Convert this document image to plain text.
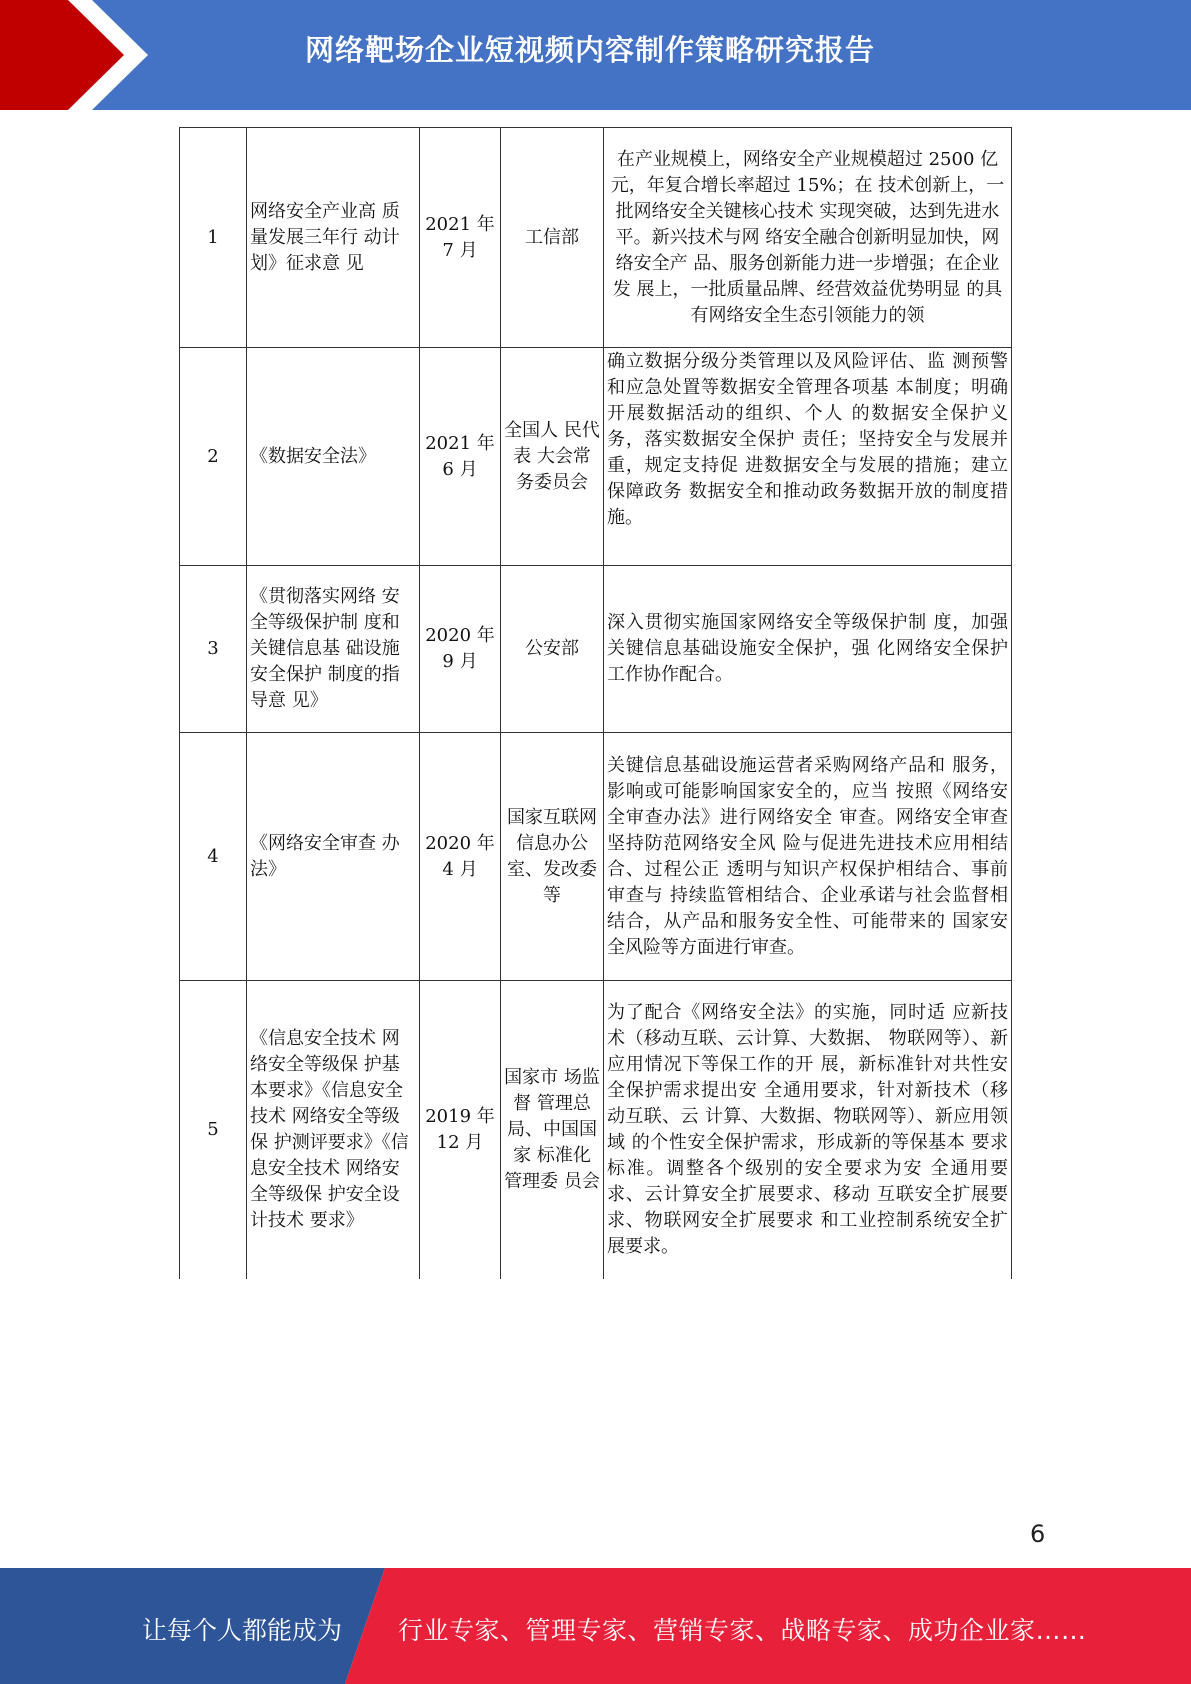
网络靶场企业短视频内容制作策略研究报告
1	网络安全产业高 质量发展三年行 动计划》征求意 见	2021 年 7 月	工信部	在产业规模上，网络安全产业规模超过 2500 亿元，年复合增长率超过 15%；在 技术创新上，一批网络安全关键核心技术 实现突破，达到先进水平。新兴技术与网 络安全融合创新明显加快，网络安全产 品、服务创新能力进一步增强；在企业发 展上，一批质量品牌、经营效益优势明显 的具有网络安全生态引领能力的领
2	《数据安全法》	2021 年 6 月	全国人 民代表 大会常 务委员会	确立数据分级分类管理以及风险评估、监 测预警和应急处置等数据安全管理各项基 本制度；明确开展数据活动的组织、个人 的数据安全保护义务，落实数据安全保护 责任；坚持安全与发展并重，规定支持促 进数据安全与发展的措施；建立保障政务 数据安全和推动政务数据开放的制度措 施。
3	《贯彻落实网络 安全等级保护制 度和关键信息基 础设施安全保护 制度的指导意 见》	2020 年 9 月	公安部	深入贯彻实施国家网络安全等级保护制 度，加强关键信息基础设施安全保护，强 化网络安全保护工作协作配合。
4	《网络安全审查 办法》	2020 年 4 月	国家互联网信息办公室、发改委等	关键信息基础设施运营者采购网络产品和 服务，影响或可能影响国家安全的，应当 按照《网络安全审查办法》进行网络安全 审查。网络安全审查坚持防范网络安全风 险与促进先进技术应用相结合、过程公正 透明与知识产权保护相结合、事前审查与 持续监管相结合、企业承诺与社会监督相 结合，从产品和服务安全性、可能带来的 国家安全风险等方面进行审查。
5	《信息安全技术 网络安全等级保 护基本要求》《信息安全技术 网络安全等级保 护测评要求》《信息安全技术 网络安全等级保 护安全设计技术 要求》	2019 年 12 月	国家市 场监督 管理总 局、中国国家 标准化 管理委 员会	为了配合《网络安全法》的实施，同时适 应新技术（移动互联、云计算、大数据、 物联网等）、新应用情况下等保工作的开 展，新标准针对共性安全保护需求提出安 全通用要求，针对新技术（移动互联、云 计算、大数据、物联网等）、新应用领域 的个性安全保护需求，形成新的等保基本 要求标准。调整各个级别的安全要求为安 全通用要求、云计算安全扩展要求、移动 互联安全扩展要求、物联网安全扩展要求 和工业控制系统安全扩展要求。
6
让每个人都能成为 行业专家、管理专家、营销专家、战略专家、成功企业家……
